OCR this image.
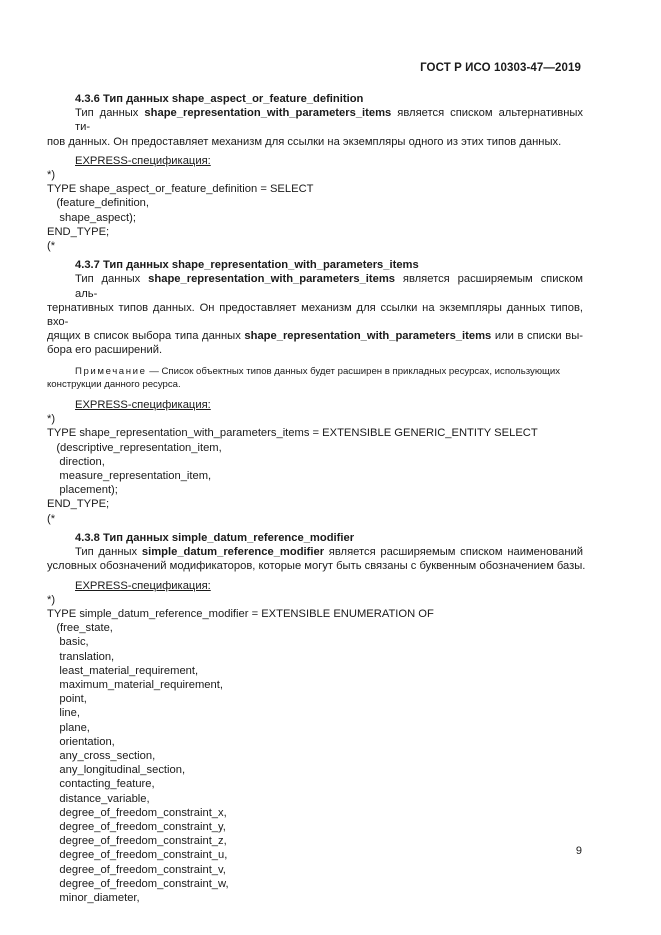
ГОСТ Р ИСО 10303-47—2019

4.3.6 Тип данных shape_aspect_or_feature_definition

Тип данных shape_representation_with_parameters_items является списком альтернативных ти-

пов данных. Он предоставляет механизм для ссылки на экземпляры одного из этих типов данных.

EXPRESS-спецификация:

*)

TYPE shape_aspect_or_feature_definition = SELECT

(feature_definition,

shape_aspect);

END_TYPE;

(*

4.3.7 Тип данных shape_representation_with_parameters_items

Тип данных shape_representation_with_parameters_items является расширяемым списком аль-

тернативных типов данных. Он предоставляет механизм для ссылки на экземпляры данных типов, вхо-

дящих в список выбора типа данных shape_representation_with_parameters_items или в списки вы-

бора его расширений.

Примечание — Список объектных типов данных будет расширен в прикладных ресурсах, использующих

конструкции данного ресурса.

EXPRESS-спецификация:

*)

TYPE shape_representation_with_parameters_items = EXTENSIBLE GENERIC_ENTITY SELECT

(descriptive_representation_item,

direction,

measure_representation_item,

placement);

END_TYPE;

(*

4.3.8 Тип данных simple_datum_reference_modifier

Тип данных simple_datum_reference_modifier является расширяемым списком наименований

условных обозначений модификаторов, которые могут быть связаны с буквенным обозначением базы.

EXPRESS-спецификация:

*)

TYPE simple_datum_reference_modifier = EXTENSIBLE ENUMERATION OF

(free_state,

basic,

translation,

least_material_requirement,

maximum_material_requirement,

point,

line,

plane,

orientation,

any_cross_section,

any_longitudinal_section,

contacting_feature,

distance_variable,

degree_of_freedom_constraint_x,

degree_of_freedom_constraint_y,

degree_of_freedom_constraint_z,

degree_of_freedom_constraint_u,

degree_of_freedom_constraint_v,

degree_of_freedom_constraint_w,

minor_diameter,

9
